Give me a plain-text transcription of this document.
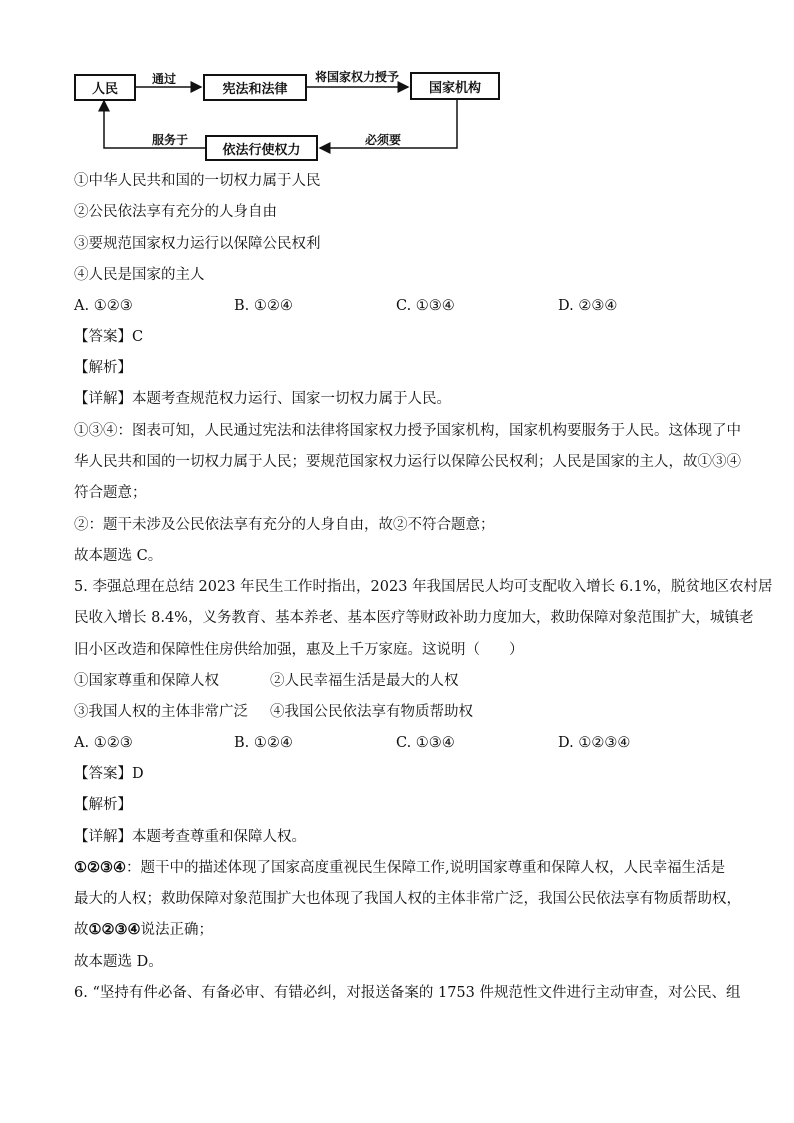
人民	宪法和法律	国家机构
依法行使权力
通过	将国家权力授予
必须要
服务于
①中华人民共和国的一切权力属于人民
②公民依法享有充分的人身自由
③要规范国家权力运行以保障公民权利
④人民是国家的主人
A. ①②③	B. ①②④	C. ①③④	D. ②③④
【答案】C
【解析】
【详解】本题考查规范权力运行、国家一切权力属于人民。
①③④：图表可知，人民通过宪法和法律将国家权力授予国家机构，国家机构要服务于人民。这体现了中
华人民共和国的一切权力属于人民；要规范国家权力运行以保障公民权利；人民是国家的主人，故①③④
符合题意；
②：题干未涉及公民依法享有充分的人身自由，故②不符合题意；
故本题选 C。
5. 李强总理在总结 2023 年民生工作时指出，2023 年我国居民人均可支配收入增长 6.1%，脱贫地区农村居
民收入增长 8.4%，义务教育、基本养老、基本医疗等财政补助力度加大，救助保障对象范围扩大，城镇老
旧小区改造和保障性住房供给加强，惠及上千万家庭。这说明（　　）
①国家尊重和保障人权	②人民幸福生活是最大的人权
③我国人权的主体非常广泛 ④我国公民依法享有物质帮助权
A. ①②③	B. ①②④	C. ①③④	D. ①②③④
【答案】D
【解析】
【详解】本题考查尊重和保障人权。
①②③④：题干中的描述体现了国家高度重视民生保障工作,说明国家尊重和保障人权，人民幸福生活是
最大的人权；救助保障对象范围扩大也体现了我国人权的主体非常广泛，我国公民依法享有物质帮助权，
故①②③④说法正确；
故本题选 D。
6. “坚持有件必备、有备必审、有错必纠，对报送备案的 1753 件规范性文件进行主动审查，对公民、组
